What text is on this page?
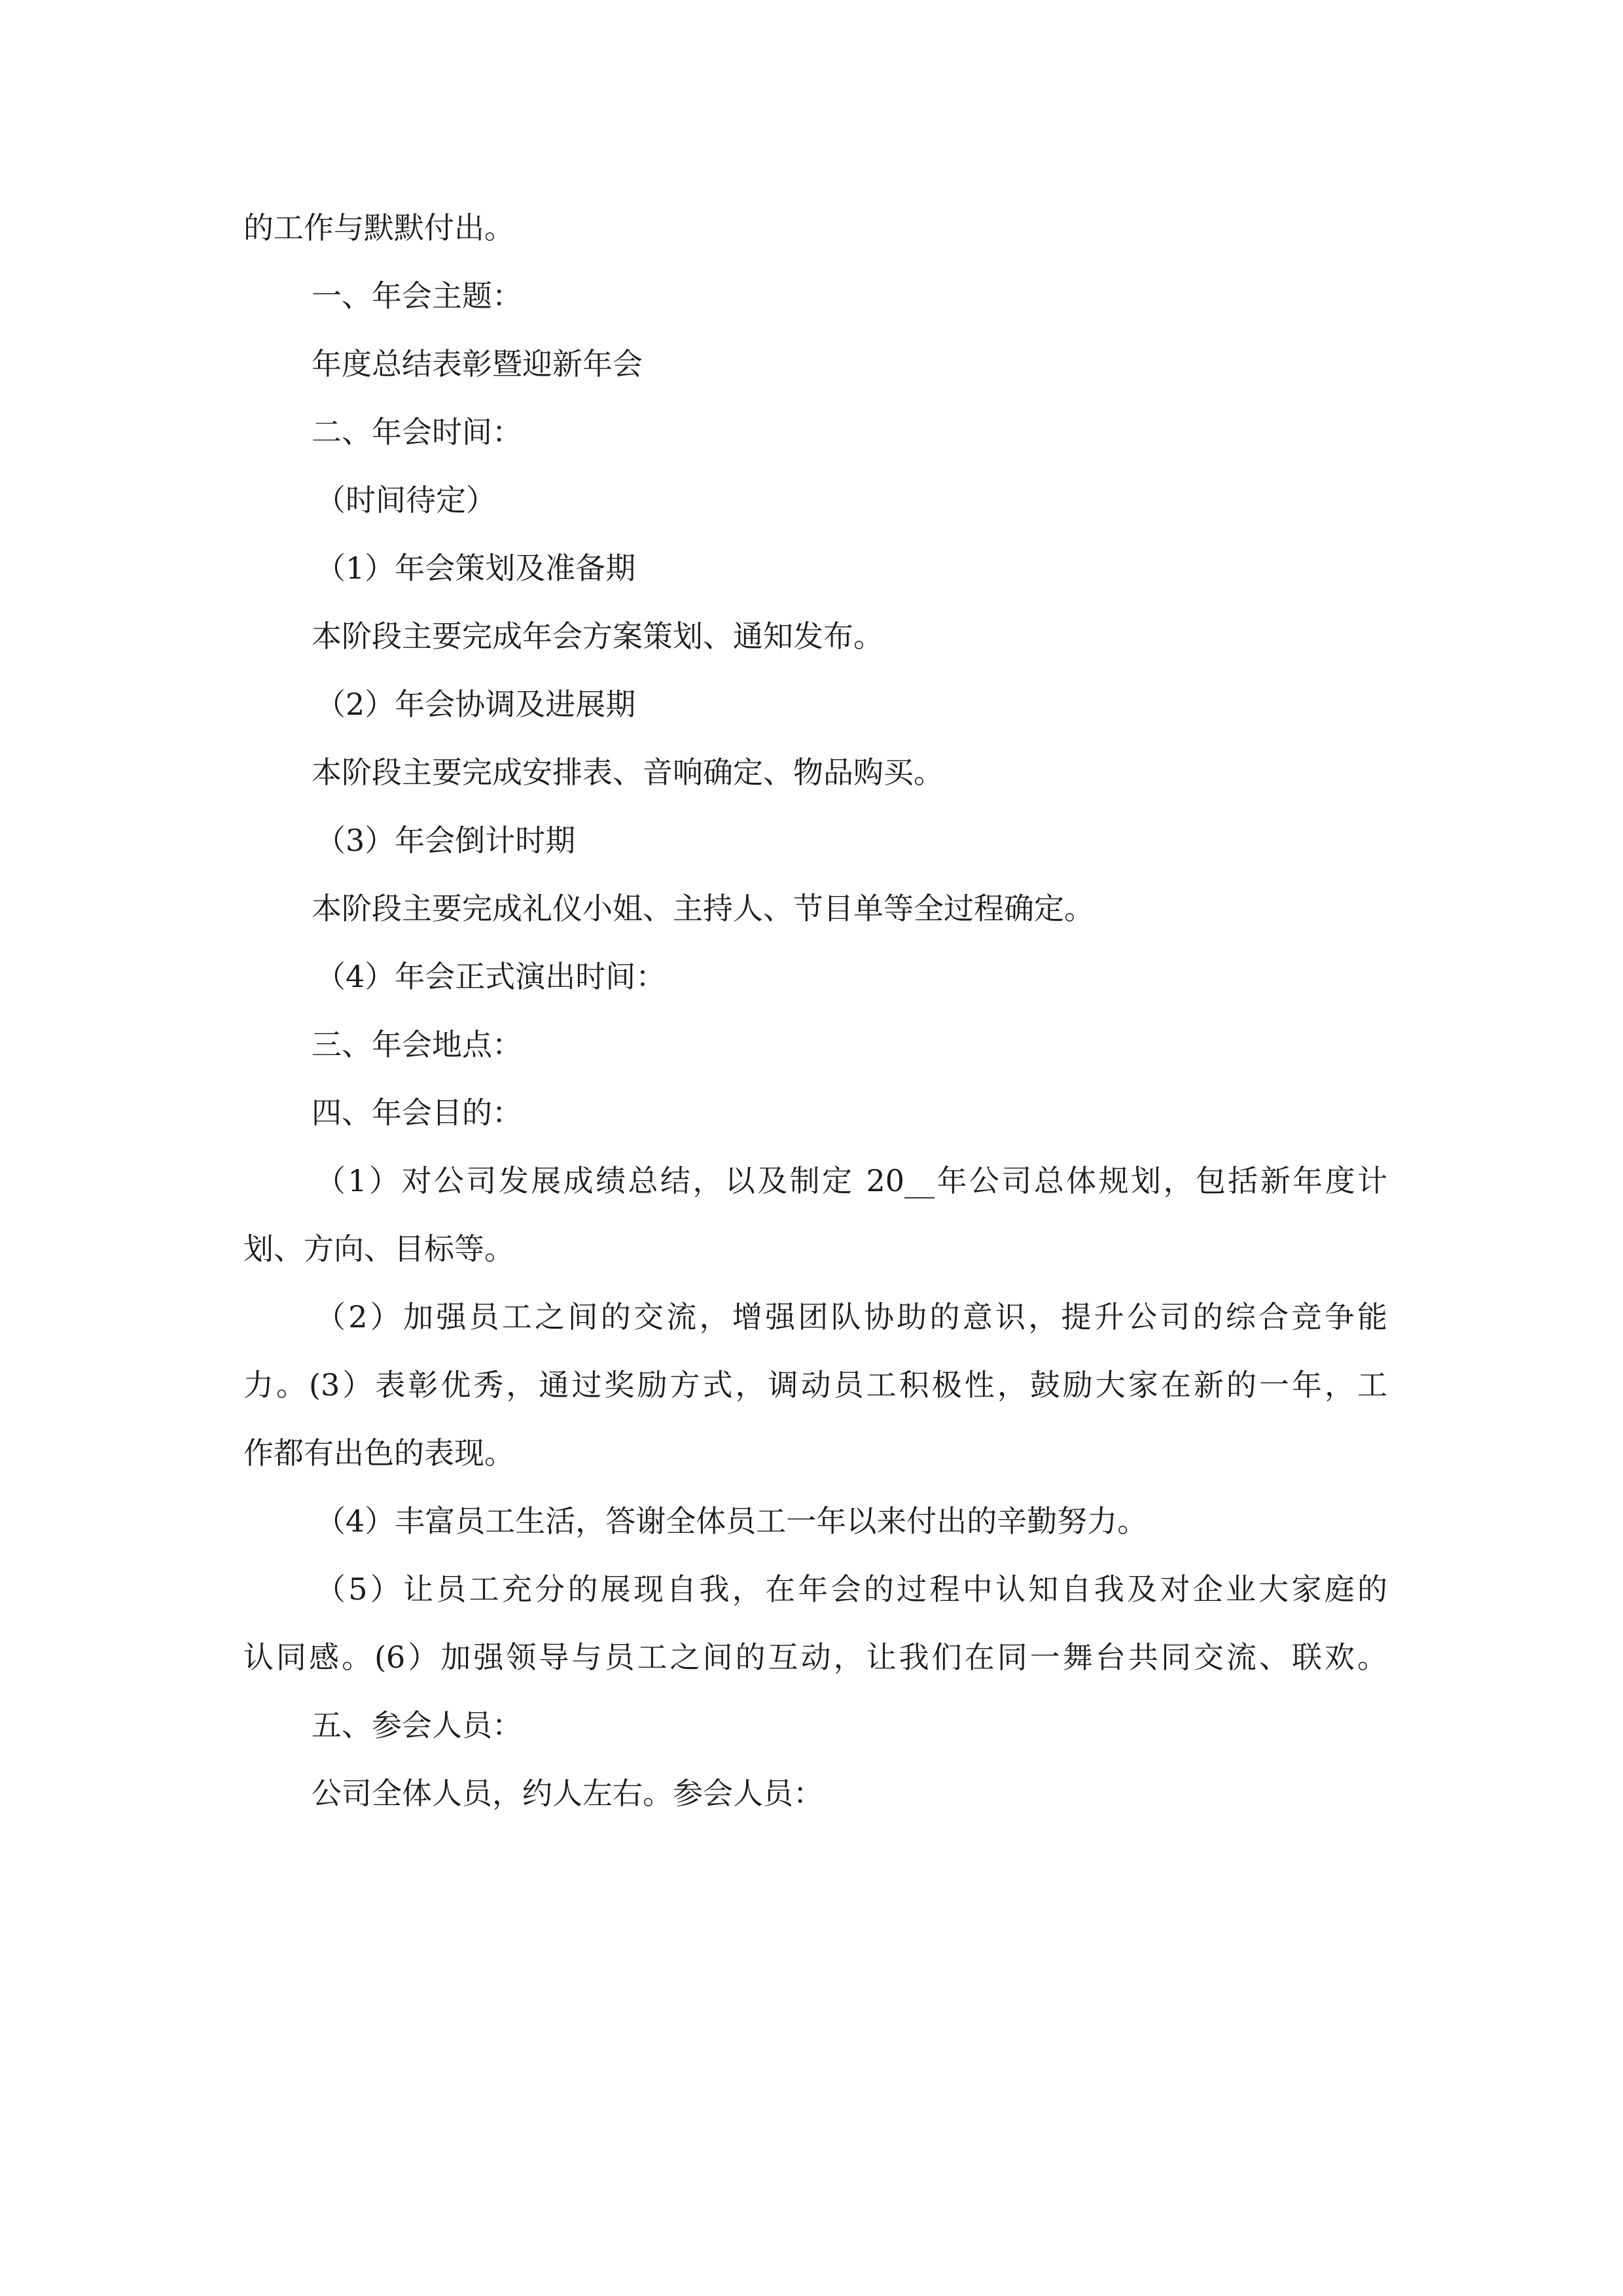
的工作与默默付出。

一、年会主题：

年度总结表彰暨迎新年会

二、年会时间：

（时间待定）

（1）年会策划及准备期

本阶段主要完成年会方案策划、通知发布。

（2）年会协调及进展期

本阶段主要完成安排表、音响确定、物品购买。

（3）年会倒计时期

本阶段主要完成礼仪小姐、主持人、节目单等全过程确定。

（4）年会正式演出时间：

三、年会地点：

四、年会目的：

（1）对公司发展成绩总结，以及制定 20__年公司总体规划，包括新年度计

划、方向、目标等。

（2）加强员工之间的交流，增强团队协助的意识，提升公司的综合竞争能

力。(3）表彰优秀，通过奖励方式，调动员工积极性，鼓励大家在新的一年，工

作都有出色的表现。

（4）丰富员工生活，答谢全体员工一年以来付出的辛勤努力。

（5）让员工充分的展现自我，在年会的过程中认知自我及对企业大家庭的

认同感。(6）加强领导与员工之间的互动，让我们在同一舞台共同交流、联欢。

五、参会人员：

公司全体人员，约人左右。参会人员：
